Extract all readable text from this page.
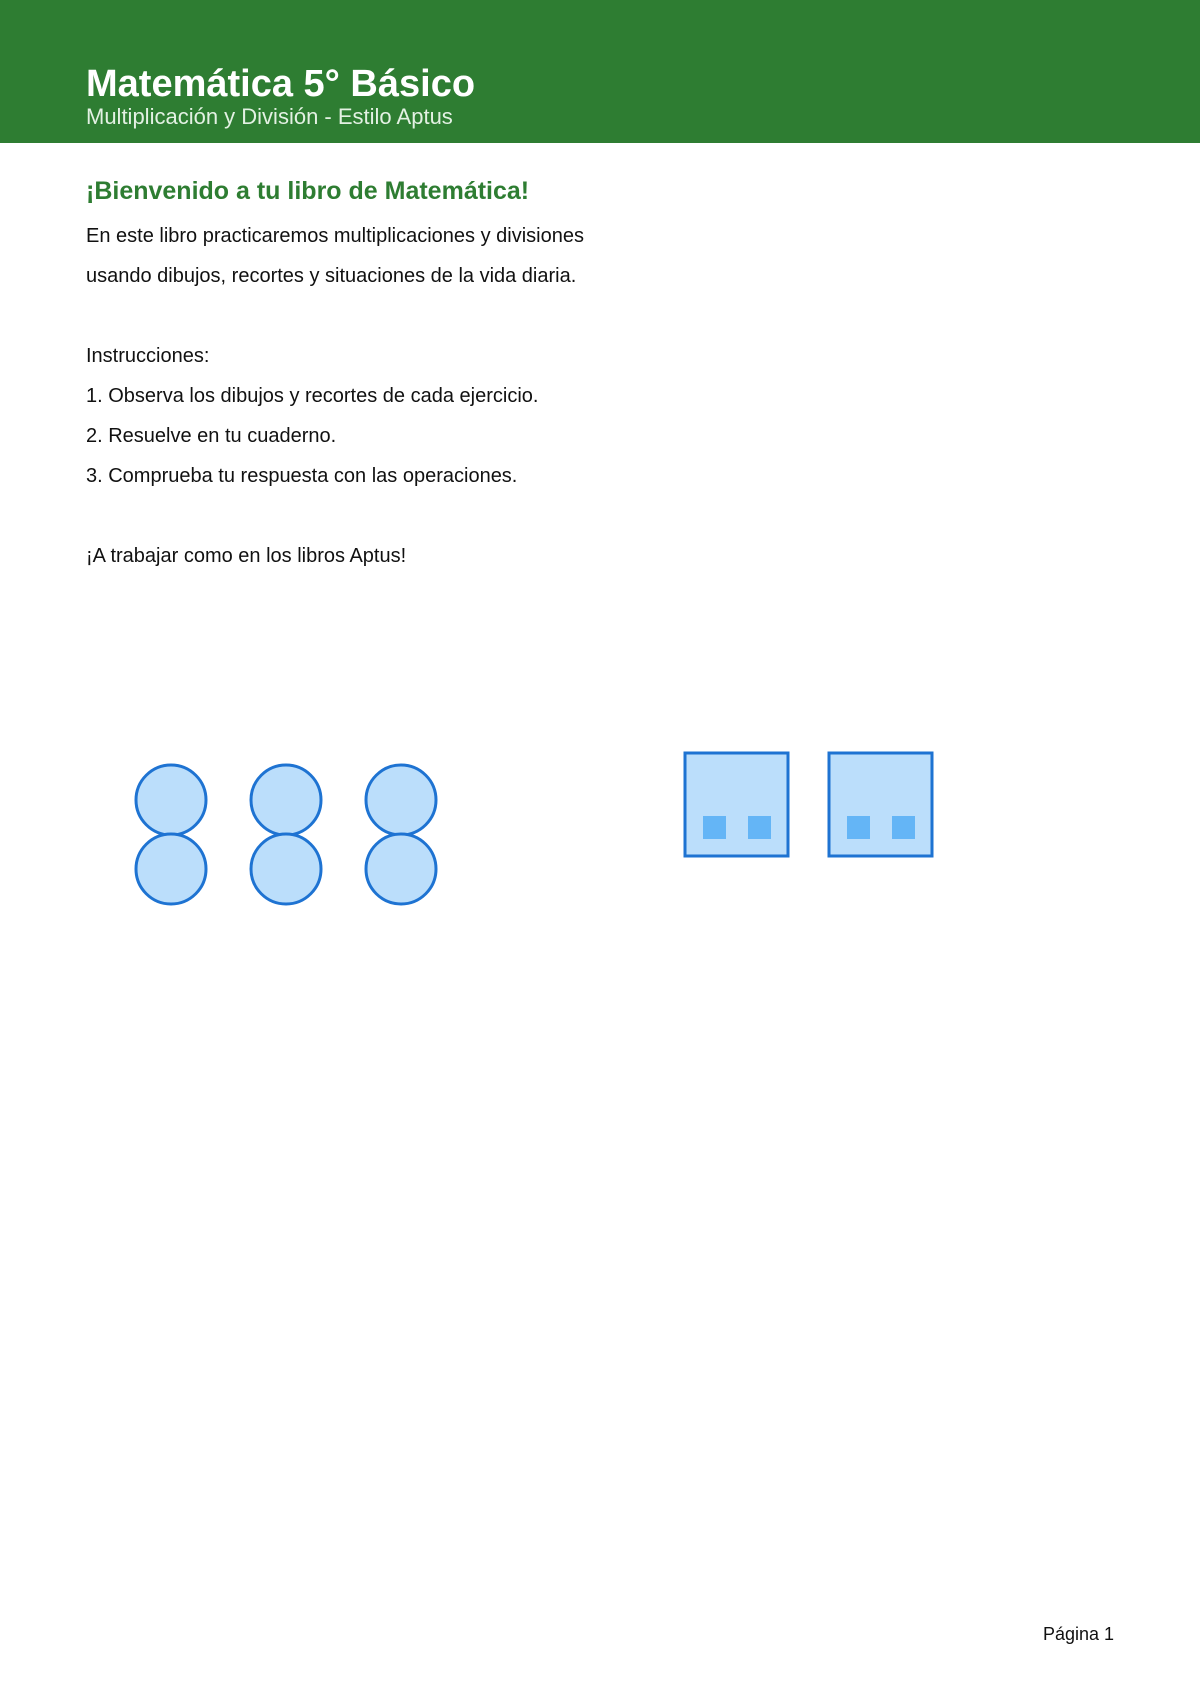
Matemática 5° Básico
Multiplicación y División - Estilo Aptus
¡Bienvenido a tu libro de Matemática!
En este libro practicaremos multiplicaciones y divisiones
usando dibujos, recortes y situaciones de la vida diaria.
Instrucciones:
1. Observa los dibujos y recortes de cada ejercicio.
2. Resuelve en tu cuaderno.
3. Comprueba tu respuesta con las operaciones.
¡A trabajar como en los libros Aptus!
Página 1
